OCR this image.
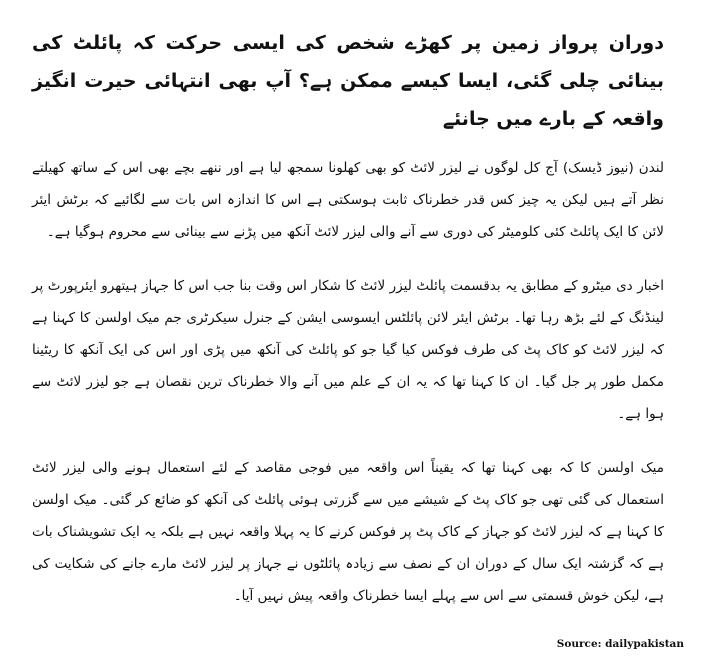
دوران پرواز زمین پر کھڑے شخص کی ایسی حرکت کہ پائلٹ کی بینائی چلی گئی، ایسا کیسے ممکن ہے؟ آپ بھی انتہائی حیرت انگیز واقعہ کے بارے میں جانئے

لندن (نیوز ڈیسک) آج کل لوگوں نے لیزر لائٹ کو بھی کھلونا سمجھ لیا ہے اور ننھے بچے بھی اس کے ساتھ کھیلتے نظر آتے ہیں لیکن یہ چیز کس قدر خطرناک ثابت ہوسکتی ہے اس کا اندازہ اس بات سے لگائیے کہ برٹش ایئر لائن کا ایک پائلٹ کئی کلومیٹر کی دوری سے آنے والی لیزر لائٹ آنکھ میں پڑنے سے بینائی سے محروم ہوگیا ہے۔

اخبار دی میٹرو کے مطابق یہ بدقسمت پائلٹ لیزر لائٹ کا شکار اس وقت بنا جب اس کا جہاز ہیتھرو ایئرپورٹ پر لینڈنگ کے لئے بڑھ رہا تھا۔ برٹش ایئر لائن پائلٹس ایسوسی ایشن کے جنرل سیکرٹری جم میک اولسن کا کہنا ہے کہ لیزر لائٹ کو کاک پٹ کی طرف فوکس کیا گیا جو کو پائلٹ کی آنکھ میں پڑی اور اس کی ایک آنکھ کا ریٹینا مکمل طور پر جل گیا۔ ان کا کہنا تھا کہ یہ ان کے علم میں آنے والا خطرناک ترین نقصان ہے جو لیزر لائٹ سے ہوا ہے۔

میک اولسن کا کہ بھی کہنا تھا کہ یقیناً اس واقعہ میں فوجی مقاصد کے لئے استعمال ہونے والی لیزر لائٹ استعمال کی گئی تھی جو کاک پٹ کے شیشے میں سے گزرتی ہوئی پائلٹ کی آنکھ کو ضائع کر گئی۔ میک اولسن کا کہنا ہے کہ لیزر لائٹ کو جہاز کے کاک پٹ پر فوکس کرنے کا یہ پہلا واقعہ نہیں ہے بلکہ یہ ایک تشویشناک بات ہے کہ گزشتہ ایک سال کے دوران ان کے نصف سے زیادہ پائلٹوں نے جہاز پر لیزر لائٹ مارے جانے کی شکایت کی ہے، لیکن خوش قسمتی سے اس سے پہلے ایسا خطرناک واقعہ پیش نہیں آیا۔

Source: dailypakistan
